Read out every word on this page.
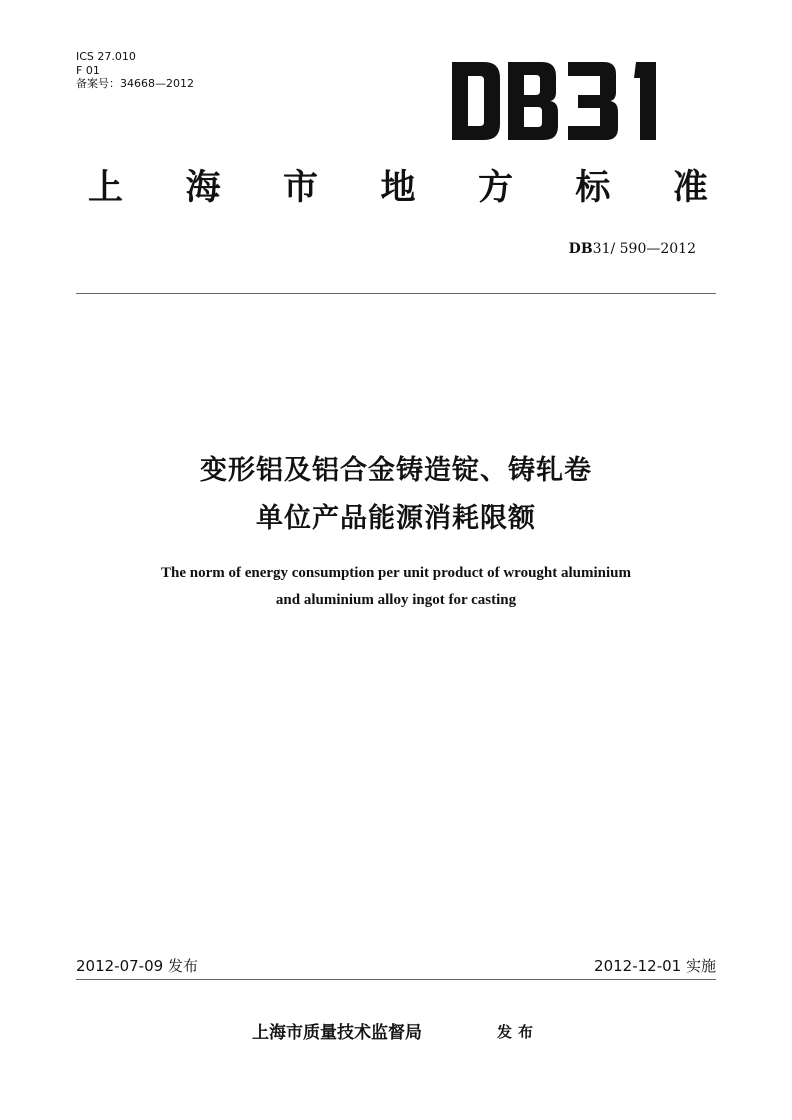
ICS 27.010
F 01
备案号：34668—2012
上 海 市 地 方 标 准
DB31/ 590—2012
变形铝及铝合金铸造锭、铸轧卷
单位产品能源消耗限额
The norm of energy consumption per unit product of wrought aluminium
and aluminium alloy ingot for casting
2012-07-09 发布	2012-12-01 实施
上海市质量技术监督局	发布
